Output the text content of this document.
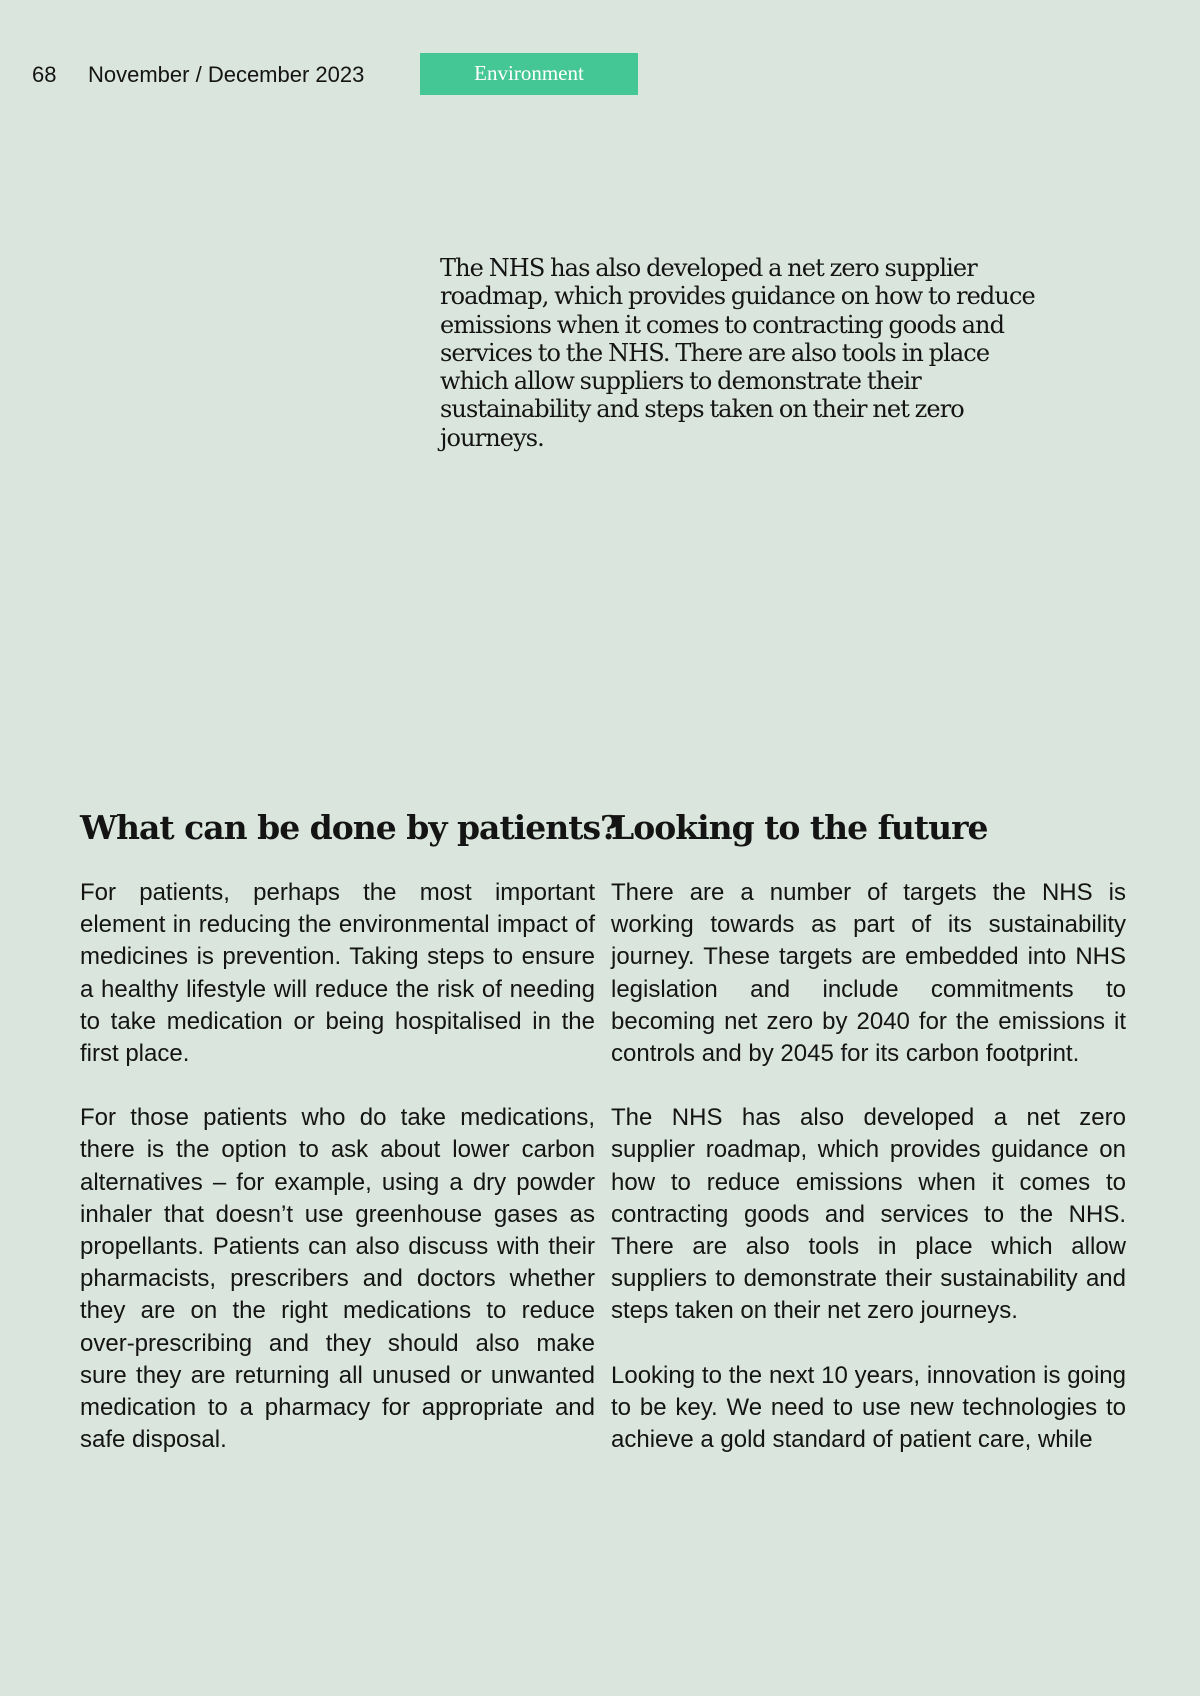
68 November / December 2023	Environment

The NHS has also developed a net zero supplier roadmap, which provides guidance on how to reduce emissions when it comes to contracting goods and services to the NHS. There are also tools in place which allow suppliers to demonstrate their sustainability and steps taken on their net zero journeys.

What can be done by patients?

For patients, perhaps the most important element in reducing the environmental impact of medicines is prevention. Taking steps to ensure a healthy lifestyle will reduce the risk of needing to take medication or being hospitalised in the first place.

For those patients who do take medications, there is the option to ask about lower carbon alternatives – for example, using a dry powder inhaler that doesn’t use greenhouse gases as propellants. Patients can also discuss with their pharmacists, prescribers and doctors whether they are on the right medications to reduce over-prescribing and they should also make sure they are returning all unused or unwanted medication to a pharmacy for appropriate and safe disposal.

Looking to the future

There are a number of targets the NHS is working towards as part of its sustainability journey. These targets are embedded into NHS legislation and include commitments to becoming net zero by 2040 for the emissions it controls and by 2045 for its carbon footprint.

The NHS has also developed a net zero supplier roadmap, which provides guidance on how to reduce emissions when it comes to contracting goods and services to the NHS. There are also tools in place which allow suppliers to demonstrate their sustainability and steps taken on their net zero journeys.

Looking to the next 10 years, innovation is going to be key. We need to use new technologies to achieve a gold standard of patient care, while
